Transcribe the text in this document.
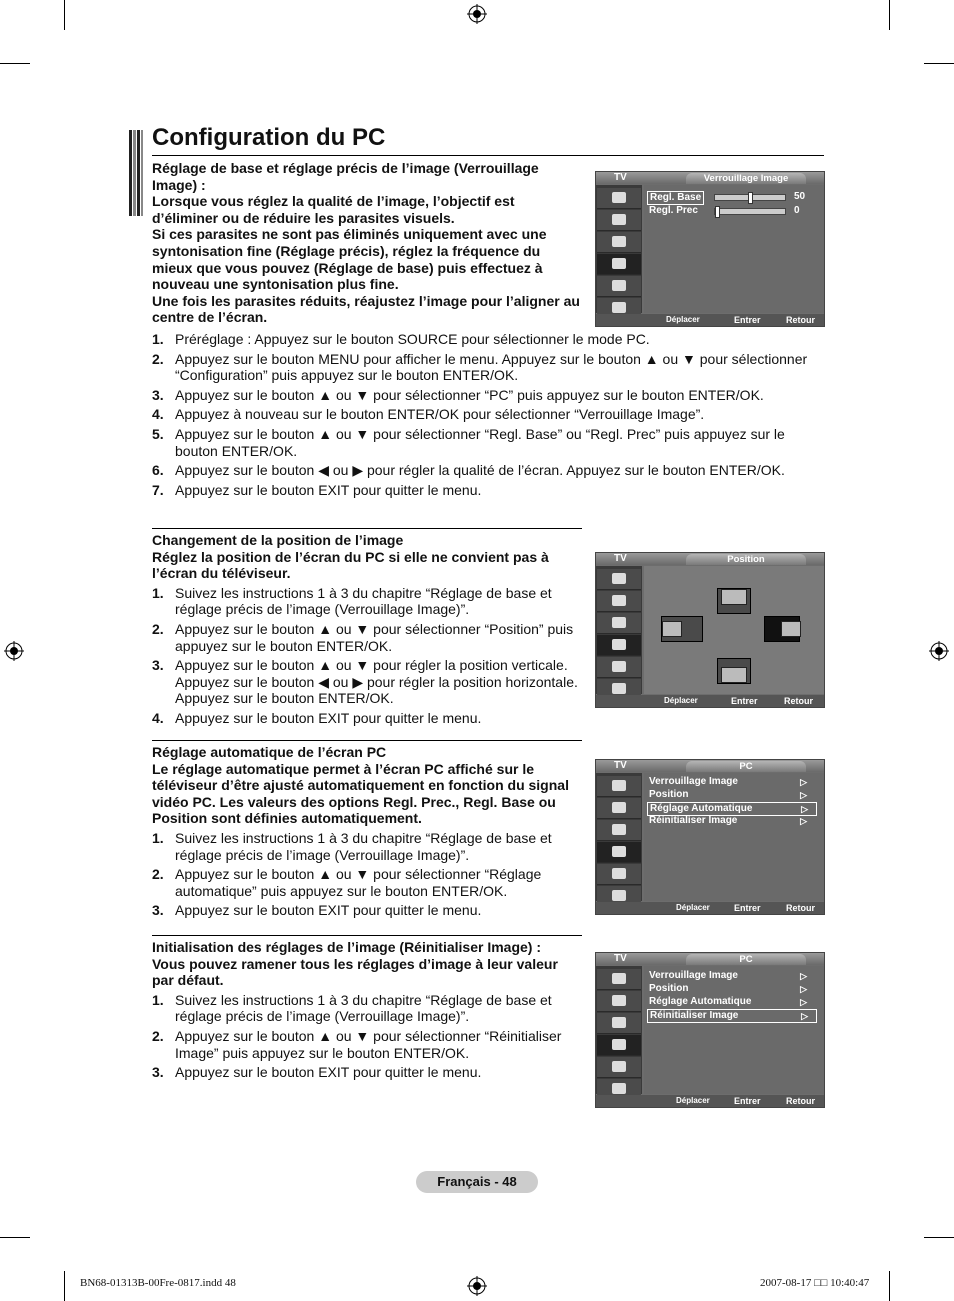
Configuration du PC
Réglage de base et réglage précis de l’image (Verrouillage Image) :
Lorsque vous réglez la qualité de l’image, l’objectif est d’éliminer ou de réduire les parasites visuels.
Si ces parasites ne sont pas éliminés uniquement avec une syntonisation fine (Réglage précis), réglez la fréquence du mieux que vous pouvez (Réglage de base) puis effectuez à nouveau une syntonisation plus fine.
Une fois les parasites réduits, réajustez l’image pour l’aligner au centre de l’écran.
1. Préréglage : Appuyez sur le bouton SOURCE pour sélectionner le mode PC.
2. Appuyez sur le bouton MENU pour afficher le menu. Appuyez sur le bouton ▲ ou ▼ pour sélectionner “Configuration” puis appuyez sur le bouton ENTER/OK.
3. Appuyez sur le bouton ▲ ou ▼ pour sélectionner “PC” puis appuyez sur le bouton ENTER/OK.
4. Appuyez à nouveau sur le bouton ENTER/OK pour sélectionner “Verrouillage Image”.
5. Appuyez sur le bouton ▲ ou ▼ pour sélectionner “Regl. Base” ou “Regl. Prec” puis appuyez sur le bouton ENTER/OK.
6. Appuyez sur le bouton ◀ ou ▶ pour régler la qualité de l’écran. Appuyez sur le bouton ENTER/OK.
7. Appuyez sur le bouton EXIT pour quitter le menu.
TV	Verrouillage Image
Regl. Base	50
Regl. Prec	0
Déplacer	Entrer	Retour
Changement de la position de l’image
Réglez la position de l’écran du PC si elle ne convient pas à l’écran du téléviseur.
1. Suivez les instructions 1 à 3 du chapitre “Réglage de base et réglage précis de l’image (Verrouillage Image)”.
2. Appuyez sur le bouton ▲ ou ▼ pour sélectionner “Position” puis appuyez sur le bouton ENTER/OK.
3. Appuyez sur le bouton ▲ ou ▼ pour régler la position verticale. Appuyez sur le bouton ◀ ou ▶ pour régler la position horizontale. Appuyez sur le bouton ENTER/OK.
4. Appuyez sur le bouton EXIT pour quitter le menu.
TV	Position
Déplacer	Entrer	Retour
Réglage automatique de l’écran PC
Le réglage automatique permet à l’écran PC affiché sur le téléviseur d’être ajusté automatiquement en fonction du signal vidéo PC. Les valeurs des options Regl. Prec., Regl. Base ou Position sont définies automatiquement.
1. Suivez les instructions 1 à 3 du chapitre “Réglage de base et réglage précis de l’image (Verrouillage Image)”.
2. Appuyez sur le bouton ▲ ou ▼ pour sélectionner “Réglage automatique” puis appuyez sur le bouton ENTER/OK.
3. Appuyez sur le bouton EXIT pour quitter le menu.
TV	PC
Verrouillage Image	▷
Position	▷
Réglage Automatique	▷
Réinitialiser Image	▷
Déplacer	Entrer	Retour
Initialisation des réglages de l’image (Réinitialiser Image) :
Vous pouvez ramener tous les réglages d’image à leur valeur par défaut.
1. Suivez les instructions 1 à 3 du chapitre “Réglage de base et réglage précis de l’image (Verrouillage Image)”.
2. Appuyez sur le bouton ▲ ou ▼ pour sélectionner “Réinitialiser Image” puis appuyez sur le bouton ENTER/OK.
3. Appuyez sur le bouton EXIT pour quitter le menu.
TV	PC
Verrouillage Image	▷
Position	▷
Réglage Automatique	▷
Réinitialiser Image	▷
Déplacer	Entrer	Retour
Français - 48
BN68-01313B-00Fre-0817.indd 48	2007-08-17 □□ 10:40:47
